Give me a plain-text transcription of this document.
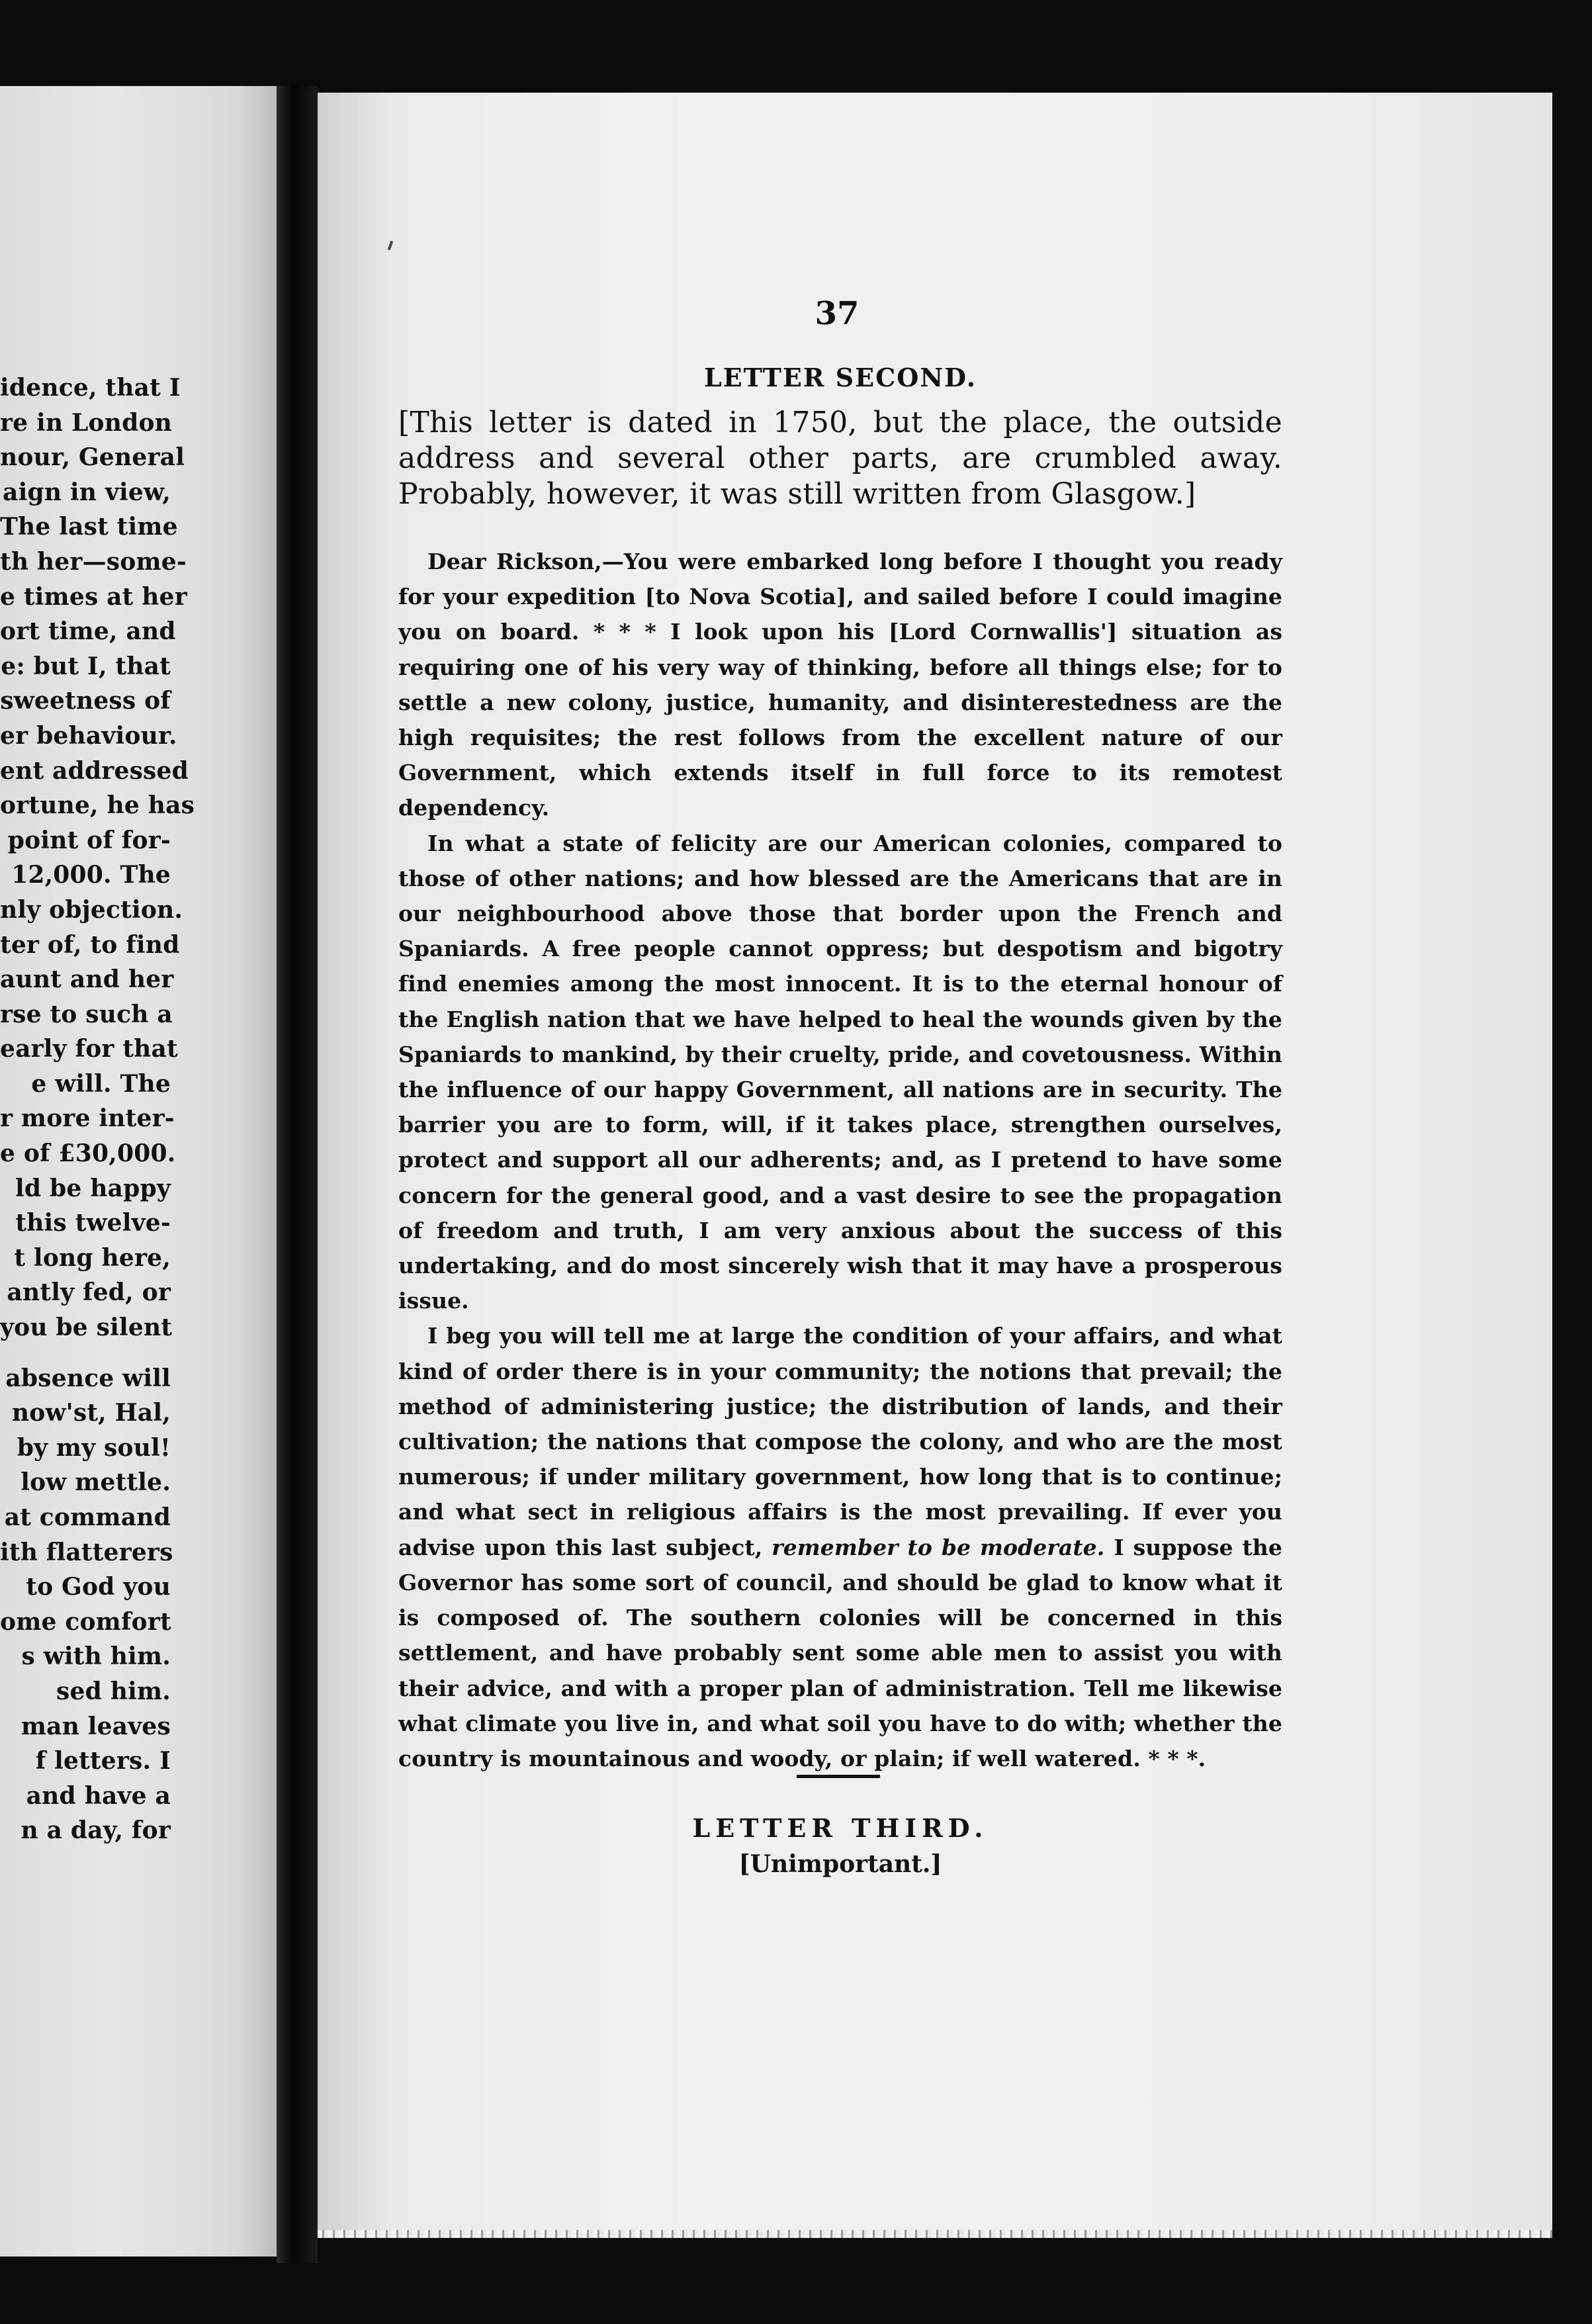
idence, that I
re in London
nour, General
aign in view,
The last time
th her—some-
e times at her
ort time, and
e: but I, that
sweetness of
er behaviour.
ent addressed
ortune, he has
point of for-
12,000. The
nly objection.
ter of, to find
aunt and her
rse to such a
early for that
e will. The
r more inter-
e of £30,000.
ld be happy
this twelve-
t long here,
antly fed, or
you be silent
absence will
now'st, Hal,
by my soul!
low mettle.
at command
ith flatterers
to God you
ome comfort
s with him.
sed him.
man leaves
f letters. I
and have a
n a day, for
37
LETTER SECOND.
[This letter is dated in 1750, but the place, the outside address and several other parts, are crumbled away. Probably, however, it was still written from Glasgow.]

Dear Rickson,—You were embarked long before I thought you ready for your expedition [to Nova Scotia], and sailed before I could imagine you on board. * * * I look upon his [Lord Cornwallis'] situation as requiring one of his very way of thinking, before all things else; for to settle a new colony, justice, humanity, and disinterestedness are the high requisites; the rest follows from the excellent nature of our Government, which extends itself in full force to its remotest dependency.

In what a state of felicity are our American colonies, compared to those of other nations; and how blessed are the Americans that are in our neighbourhood above those that border upon the French and Spaniards. A free people cannot oppress; but despotism and bigotry find enemies among the most innocent. It is to the eternal honour of the English nation that we have helped to heal the wounds given by the Spaniards to mankind, by their cruelty, pride, and covetousness. Within the influence of our happy Government, all nations are in security. The barrier you are to form, will, if it takes place, strengthen ourselves, protect and support all our adherents; and, as I pretend to have some concern for the general good, and a vast desire to see the propagation of freedom and truth, I am very anxious about the success of this undertaking, and do most sincerely wish that it may have a prosperous issue.

I beg you will tell me at large the condition of your affairs, and what kind of order there is in your community; the notions that prevail; the method of administering justice; the distribution of lands, and their cultivation; the nations that compose the colony, and who are the most numerous; if under military government, how long that is to continue; and what sect in religious affairs is the most prevailing. If ever you advise upon this last subject, remember to be moderate. I suppose the Governor has some sort of council, and should be glad to know what it is composed of. The southern colonies will be concerned in this settlement, and have probably sent some able men to assist you with their advice, and with a proper plan of administration. Tell me likewise what climate you live in, and what soil you have to do with; whether the country is mountainous and woody, or plain; if well watered. * * *.

LETTER THIRD.
[Unimportant.]
